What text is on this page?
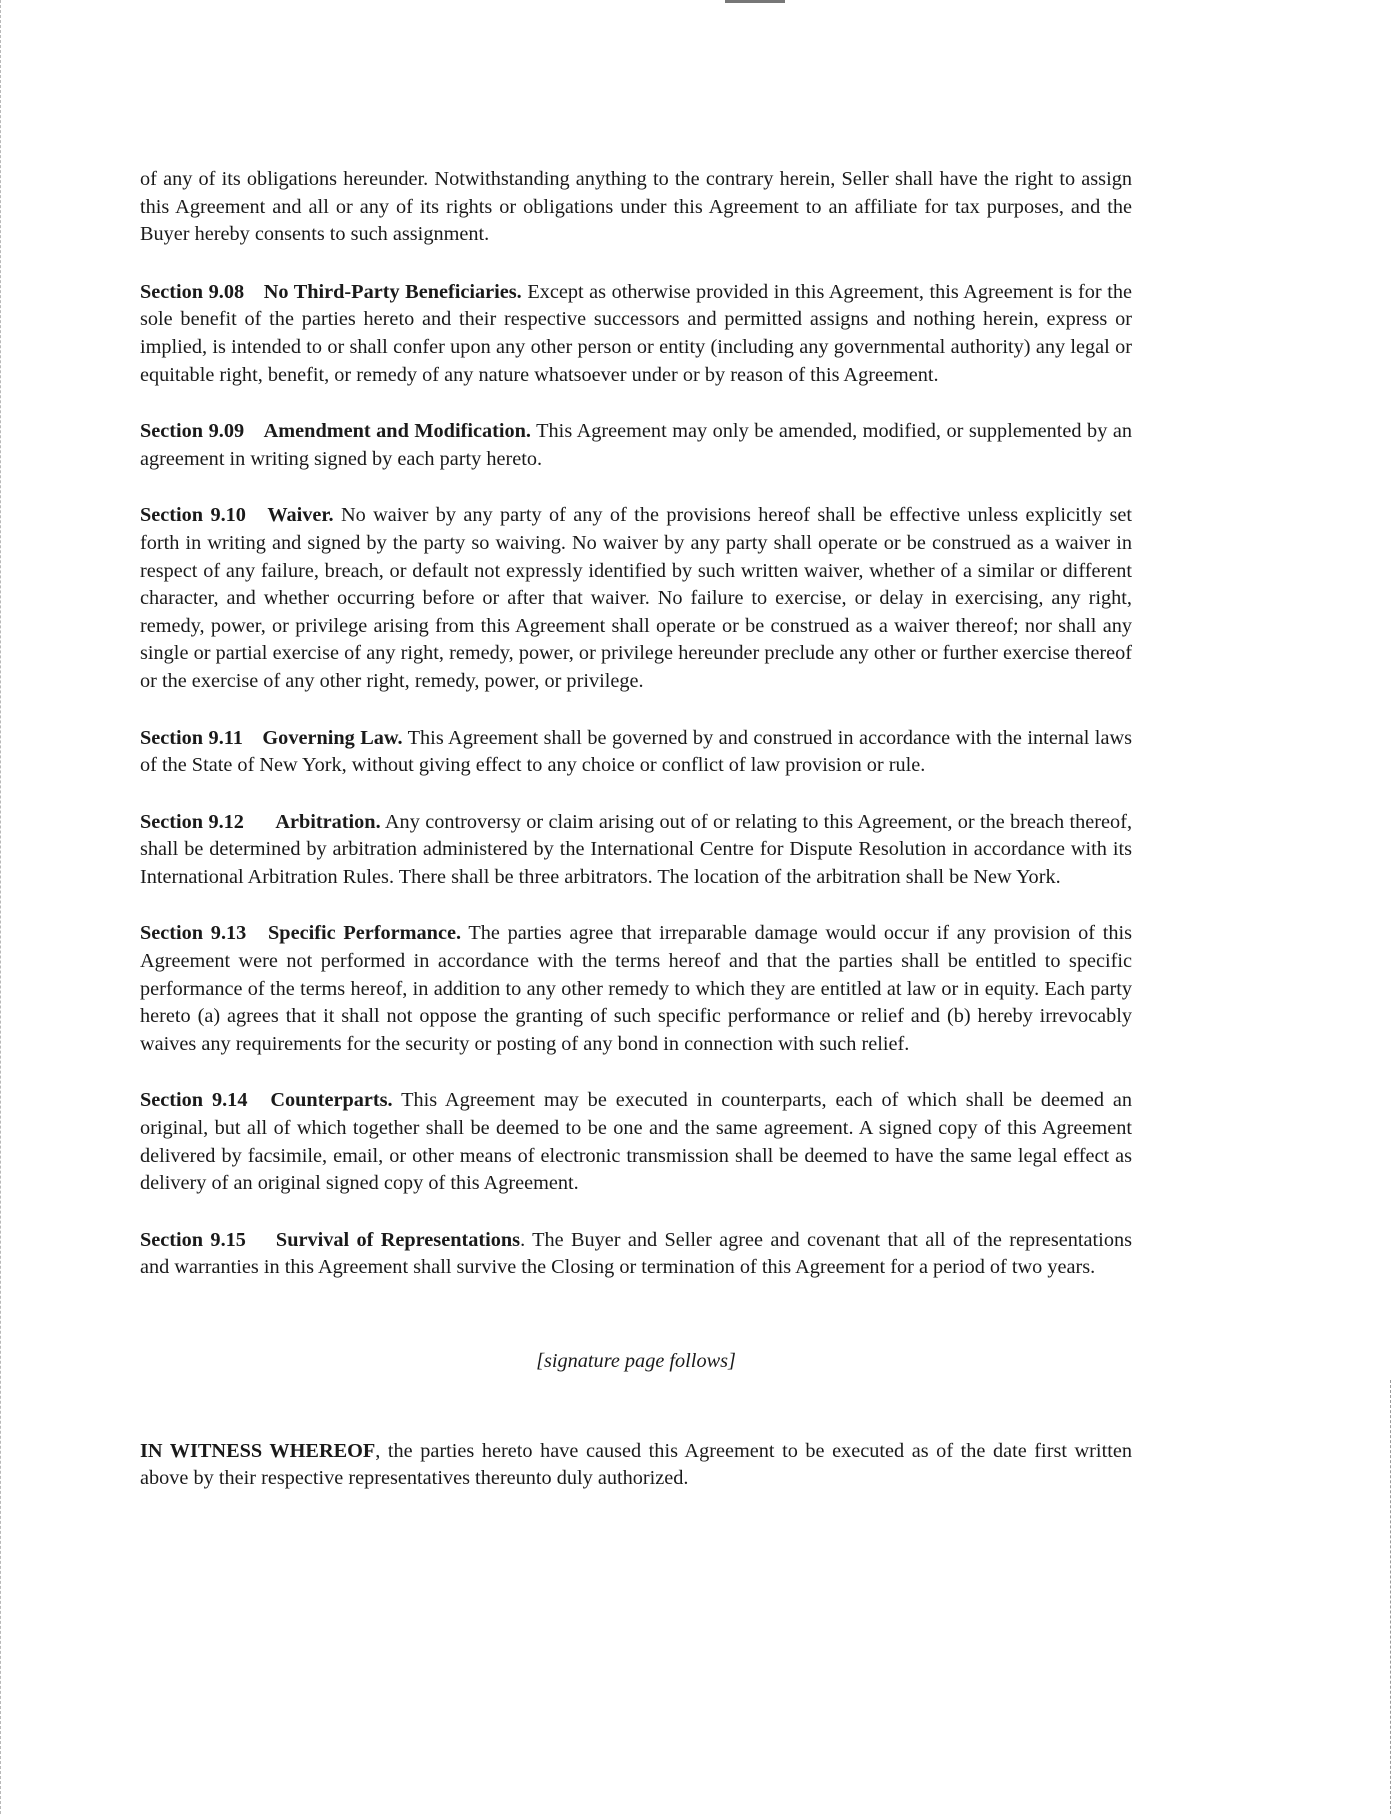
of any of its obligations hereunder. Notwithstanding anything to the contrary herein, Seller shall have the right to assign this Agreement and all or any of its rights or obligations under this Agreement to an affiliate for tax purposes, and the Buyer hereby consents to such assignment.

Section 9.08 No Third-Party Beneficiaries. Except as otherwise provided in this Agreement, this Agreement is for the sole benefit of the parties hereto and their respective successors and permitted assigns and nothing herein, express or implied, is intended to or shall confer upon any other person or entity (including any governmental authority) any legal or equitable right, benefit, or remedy of any nature whatsoever under or by reason of this Agreement.

Section 9.09 Amendment and Modification. This Agreement may only be amended, modified, or supplemented by an agreement in writing signed by each party hereto.

Section 9.10 Waiver. No waiver by any party of any of the provisions hereof shall be effective unless explicitly set forth in writing and signed by the party so waiving. No waiver by any party shall operate or be construed as a waiver in respect of any failure, breach, or default not expressly identified by such written waiver, whether of a similar or different character, and whether occurring before or after that waiver. No failure to exercise, or delay in exercising, any right, remedy, power, or privilege arising from this Agreement shall operate or be construed as a waiver thereof; nor shall any single or partial exercise of any right, remedy, power, or privilege hereunder preclude any other or further exercise thereof or the exercise of any other right, remedy, power, or privilege.

Section 9.11 Governing Law. This Agreement shall be governed by and construed in accordance with the internal laws of the State of New York, without giving effect to any choice or conflict of law provision or rule.

Section 9.12 Arbitration. Any controversy or claim arising out of or relating to this Agreement, or the breach thereof, shall be determined by arbitration administered by the International Centre for Dispute Resolution in accordance with its International Arbitration Rules. There shall be three arbitrators. The location of the arbitration shall be New York.

Section 9.13 Specific Performance. The parties agree that irreparable damage would occur if any provision of this Agreement were not performed in accordance with the terms hereof and that the parties shall be entitled to specific performance of the terms hereof, in addition to any other remedy to which they are entitled at law or in equity. Each party hereto (a) agrees that it shall not oppose the granting of such specific performance or relief and (b) hereby irrevocably waives any requirements for the security or posting of any bond in connection with such relief.

Section 9.14 Counterparts. This Agreement may be executed in counterparts, each of which shall be deemed an original, but all of which together shall be deemed to be one and the same agreement. A signed copy of this Agreement delivered by facsimile, email, or other means of electronic transmission shall be deemed to have the same legal effect as delivery of an original signed copy of this Agreement.

Section 9.15 Survival of Representations. The Buyer and Seller agree and covenant that all of the representations and warranties in this Agreement shall survive the Closing or termination of this Agreement for a period of two years.

[signature page follows]

IN WITNESS WHEREOF, the parties hereto have caused this Agreement to be executed as of the date first written above by their respective representatives thereunto duly authorized.
